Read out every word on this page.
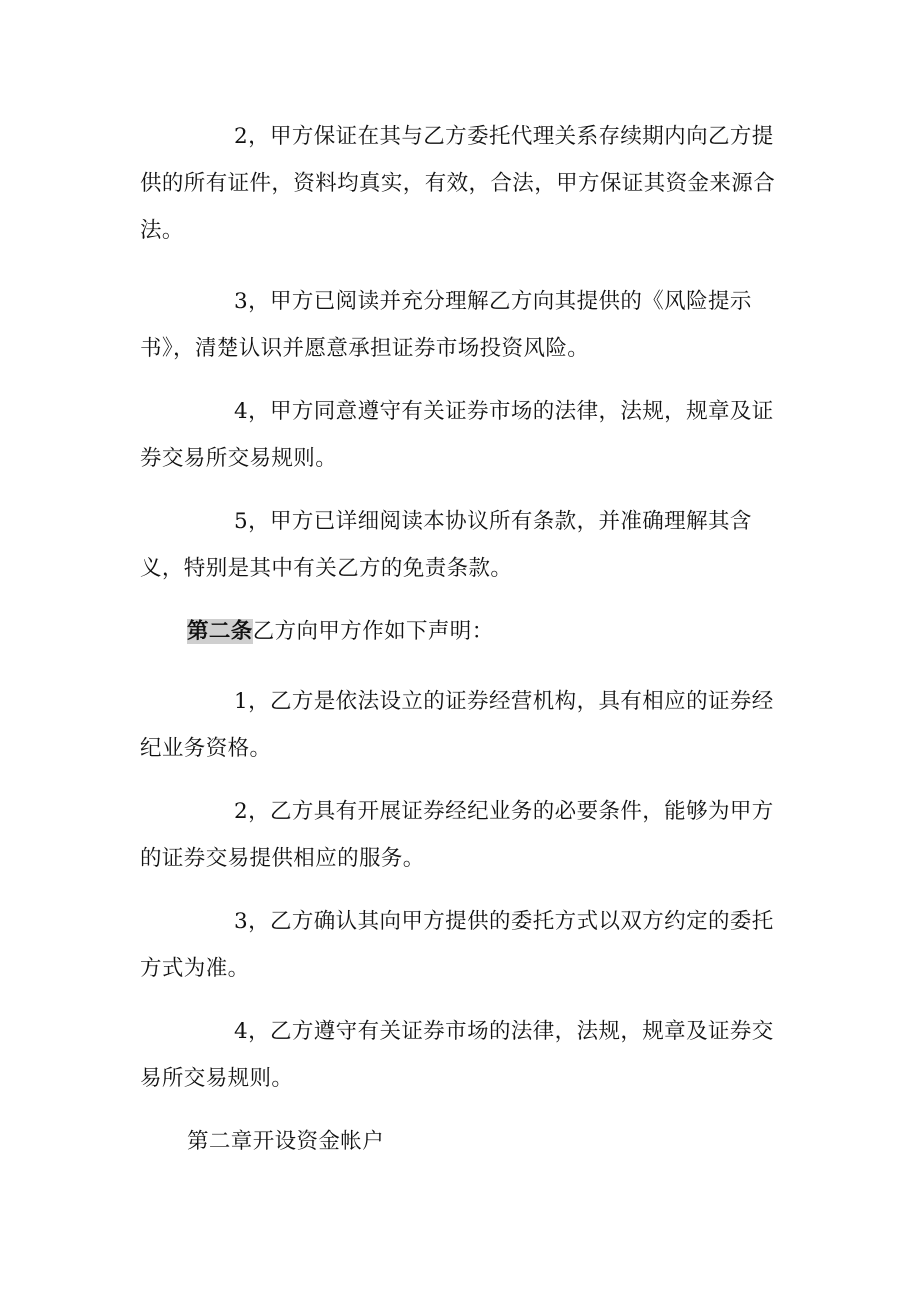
2，甲方保证在其与乙方委托代理关系存续期内向乙方提供的所有证件，资料均真实，有效，合法，甲方保证其资金来源合法。

3，甲方已阅读并充分理解乙方向其提供的《风险提示书》，清楚认识并愿意承担证券市场投资风险。

4，甲方同意遵守有关证券市场的法律，法规，规章及证券交易所交易规则。

5，甲方已详细阅读本协议所有条款，并准确理解其含义，特别是其中有关乙方的免责条款。

第二条乙方向甲方作如下声明：

1，乙方是依法设立的证券经营机构，具有相应的证券经纪业务资格。

2，乙方具有开展证券经纪业务的必要条件，能够为甲方的证券交易提供相应的服务。

3，乙方确认其向甲方提供的委托方式以双方约定的委托方式为准。

4，乙方遵守有关证券市场的法律，法规，规章及证券交易所交易规则。

第二章开设资金帐户
